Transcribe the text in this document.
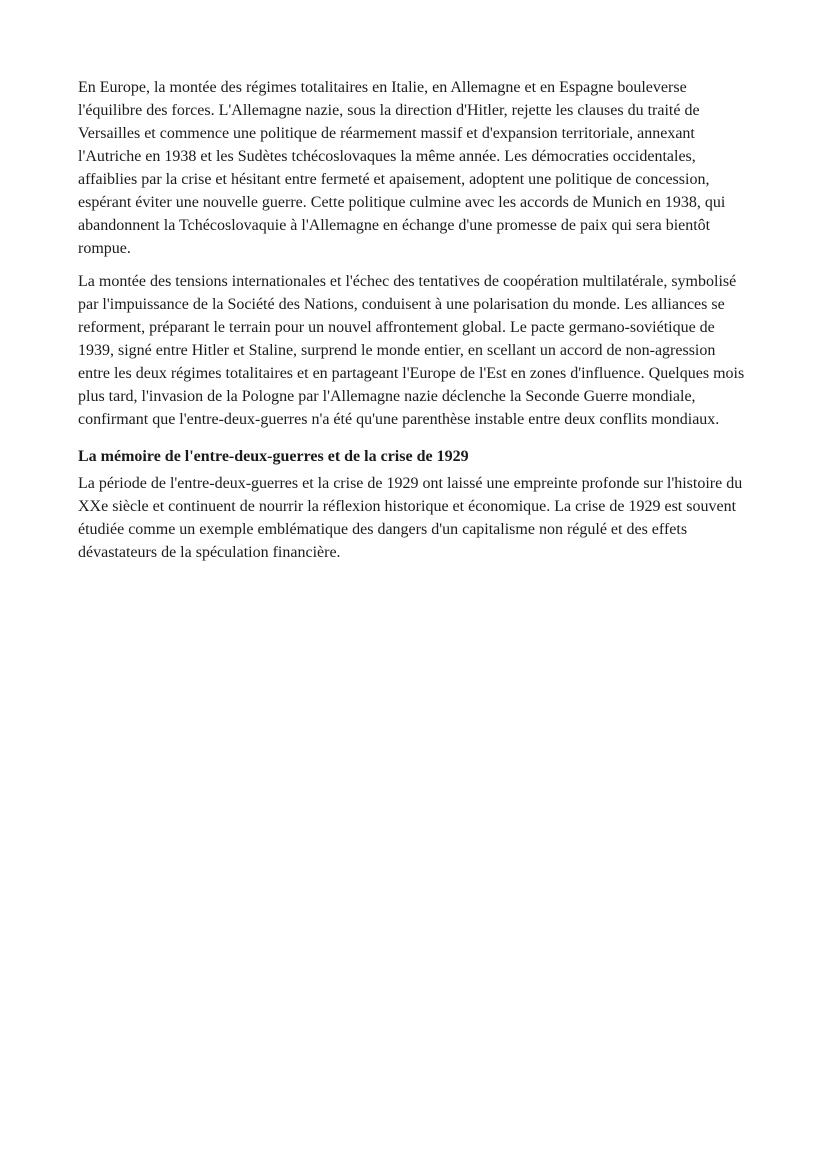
En Europe, la montée des régimes totalitaires en Italie, en Allemagne et en Espagne bouleverse l'équilibre des forces. L'Allemagne nazie, sous la direction d'Hitler, rejette les clauses du traité de Versailles et commence une politique de réarmement massif et d'expansion territoriale, annexant l'Autriche en 1938 et les Sudètes tchécoslovaques la même année. Les démocraties occidentales, affaiblies par la crise et hésitant entre fermeté et apaisement, adoptent une politique de concession, espérant éviter une nouvelle guerre. Cette politique culmine avec les accords de Munich en 1938, qui abandonnent la Tchécoslovaquie à l'Allemagne en échange d'une promesse de paix qui sera bientôt rompue.

La montée des tensions internationales et l'échec des tentatives de coopération multilatérale, symbolisé par l'impuissance de la Société des Nations, conduisent à une polarisation du monde. Les alliances se reforment, préparant le terrain pour un nouvel affrontement global. Le pacte germano-soviétique de 1939, signé entre Hitler et Staline, surprend le monde entier, en scellant un accord de non-agression entre les deux régimes totalitaires et en partageant l'Europe de l'Est en zones d'influence. Quelques mois plus tard, l'invasion de la Pologne par l'Allemagne nazie déclenche la Seconde Guerre mondiale, confirmant que l'entre-deux-guerres n'a été qu'une parenthèse instable entre deux conflits mondiaux.

La mémoire de l'entre-deux-guerres et de la crise de 1929

La période de l'entre-deux-guerres et la crise de 1929 ont laissé une empreinte profonde sur l'histoire du XXe siècle et continuent de nourrir la réflexion historique et économique. La crise de 1929 est souvent étudiée comme un exemple emblématique des dangers d'un capitalisme non régulé et des effets dévastateurs de la spéculation financière.
